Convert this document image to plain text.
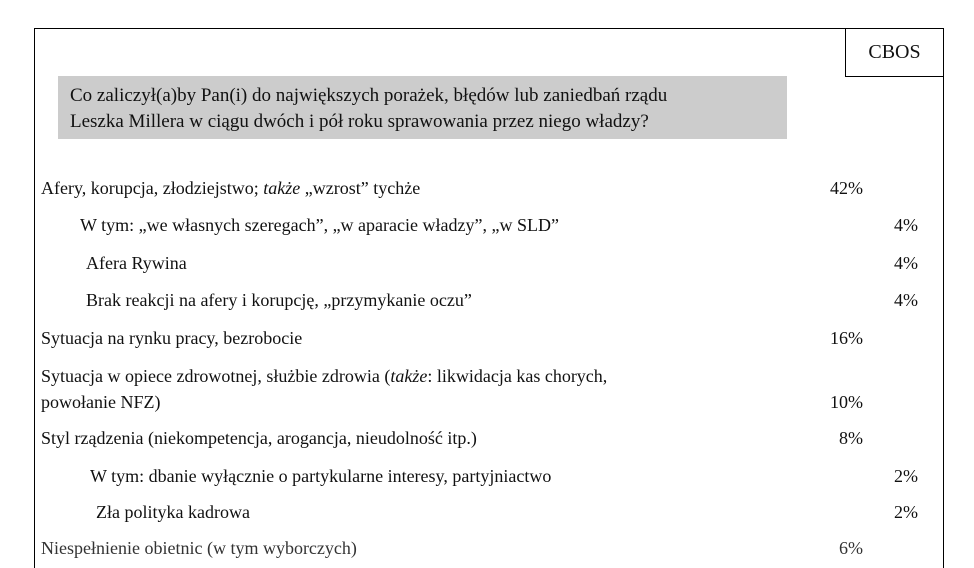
CBOS
Co zaliczył(a)by Pan(i) do największych porażek, błędów lub zaniedbań rządu
Leszka Millera w ciągu dwóch i pół roku sprawowania przez niego władzy?
Afery, korupcja, złodziejstwo; także „wzrost” tychże	42%
W tym: „we własnych szeregach”, „w aparacie władzy”, „w SLD”	4%
Afera Rywina	4%
Brak reakcji na afery i korupcję, „przymykanie oczu”	4%
Sytuacja na rynku pracy, bezrobocie	16%
Sytuacja w opiece zdrowotnej, służbie zdrowia (także: likwidacja kas chorych,
powołanie NFZ)	10%
Styl rządzenia (niekompetencja, arogancja, nieudolność itp.)	8%
W tym: dbanie wyłącznie o partykularne interesy, partyjniactwo	2%
Zła polityka kadrowa	2%
Niespełnienie obietnic (w tym wyborczych)	6%
